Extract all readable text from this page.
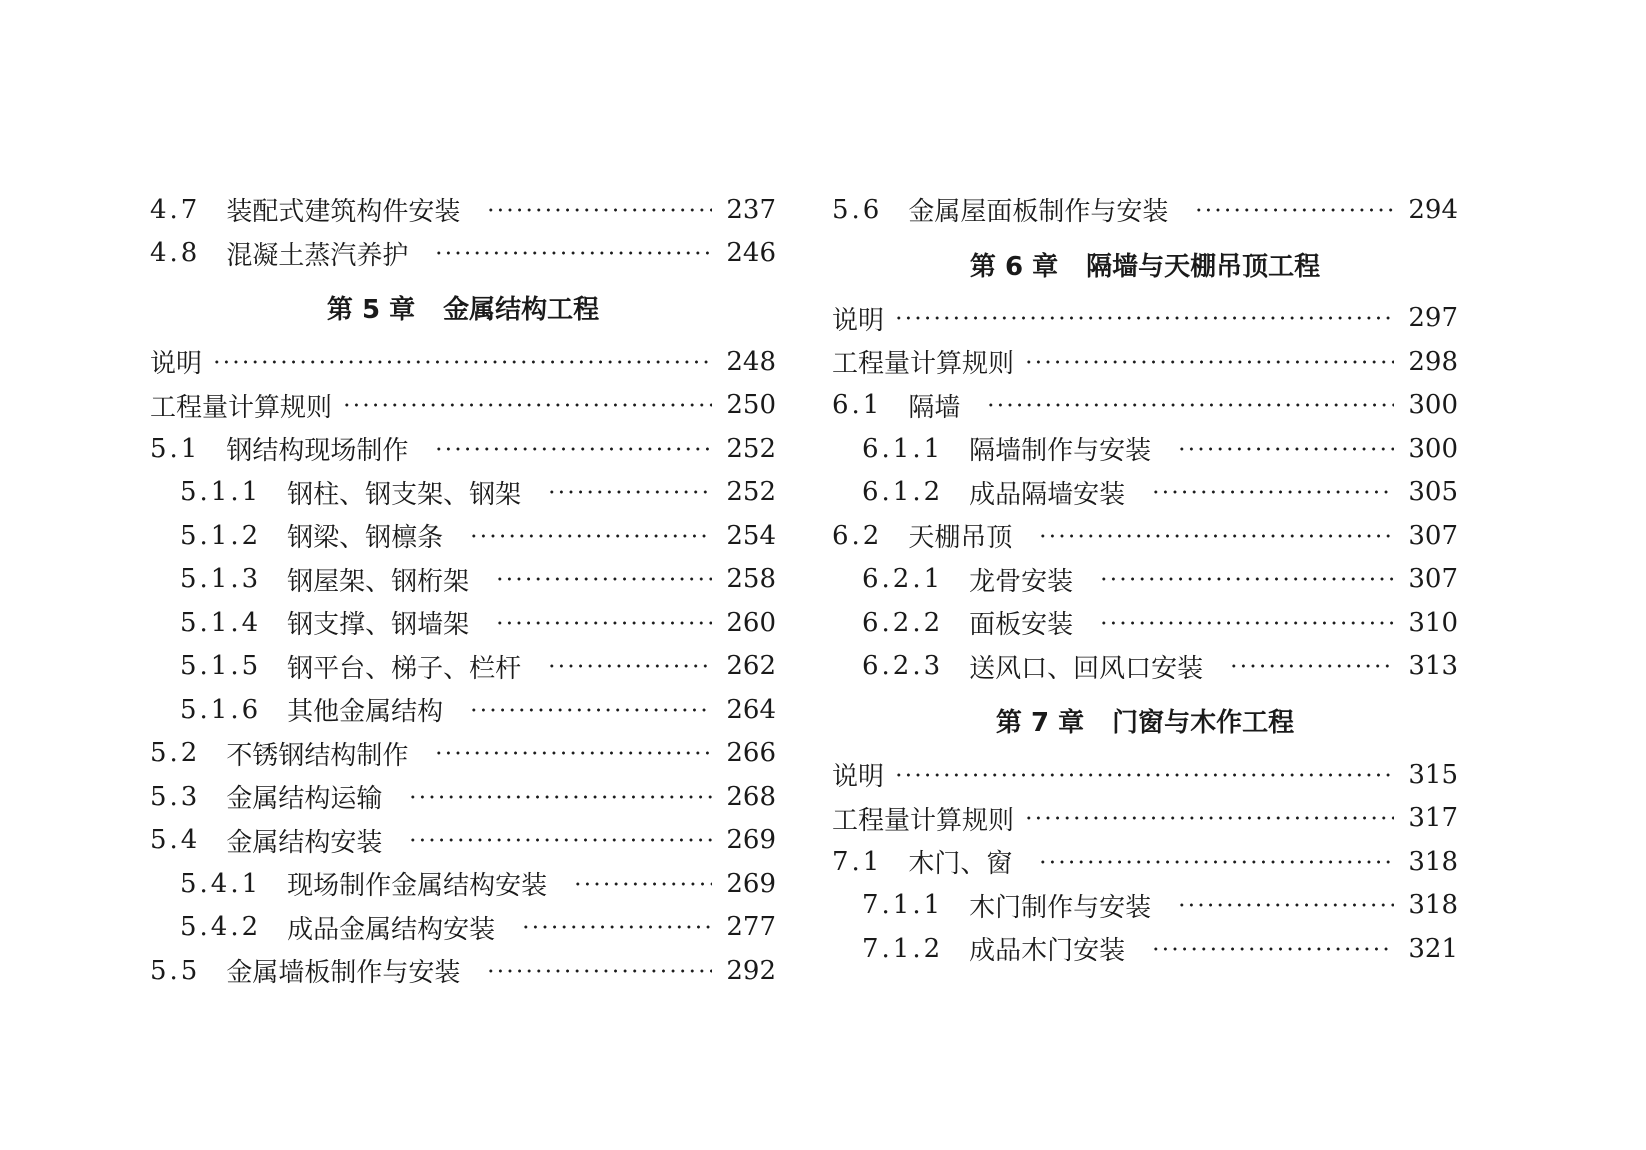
4.7 装配式建筑构件安装	237
4.8 混凝土蒸汽养护	246
第 5 章 金属结构工程
说明	248
工程量计算规则	250
5.1 钢结构现场制作	252
5.1.1 钢柱、钢支架、钢架	252
5.1.2 钢梁、钢檩条	254
5.1.3 钢屋架、钢桁架	258
5.1.4 钢支撑、钢墙架	260
5.1.5 钢平台、梯子、栏杆	262
5.1.6 其他金属结构	264
5.2 不锈钢结构制作	266
5.3 金属结构运输	268
5.4 金属结构安装	269
5.4.1 现场制作金属结构安装	269
5.4.2 成品金属结构安装	277
5.5 金属墙板制作与安装	292
5.6 金属屋面板制作与安装	294
第 6 章 隔墙与天棚吊顶工程
说明	297
工程量计算规则	298
6.1 隔墙	300
6.1.1 隔墙制作与安装	300
6.1.2 成品隔墙安装	305
6.2 天棚吊顶	307
6.2.1 龙骨安装	307
6.2.2 面板安装	310
6.2.3 送风口、回风口安装	313
第 7 章 门窗与木作工程
说明	315
工程量计算规则	317
7.1 木门、窗	318
7.1.1 木门制作与安装	318
7.1.2 成品木门安装	321
